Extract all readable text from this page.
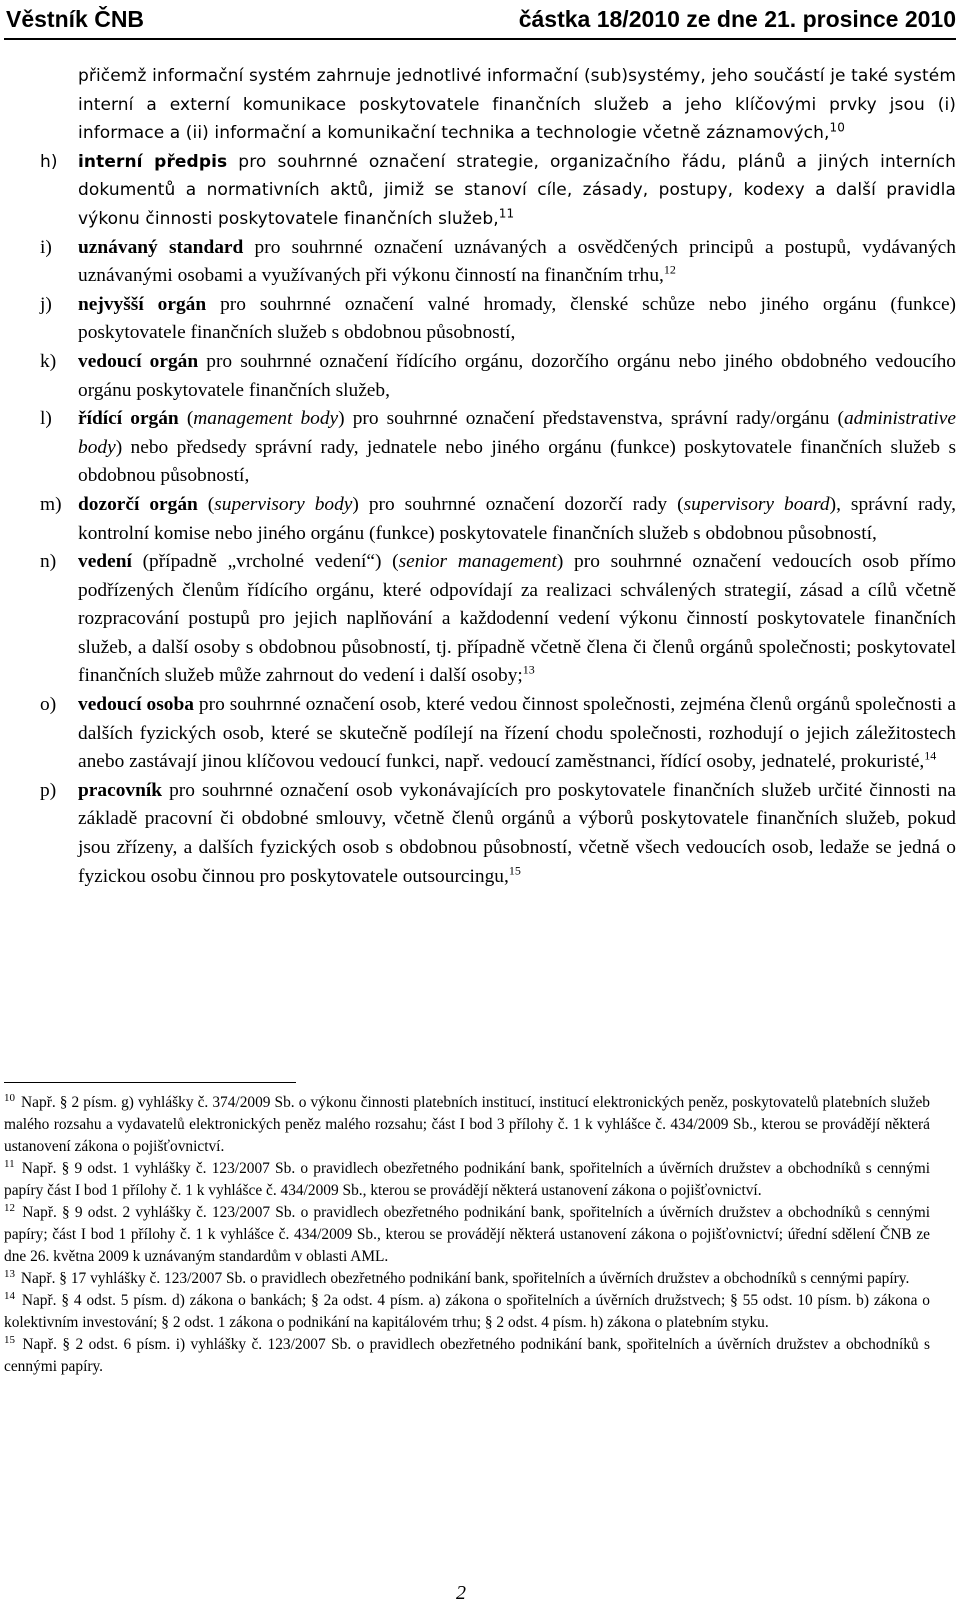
Věstník ČNB	částka 18/2010 ze dne 21. prosince 2010

přičemž informační systém zahrnuje jednotlivé informační (sub)systémy, jeho součástí je také systém interní a externí komunikace poskytovatele finančních služeb a jeho klíčovými prvky jsou (i) informace a (ii) informační a komunikační technika a technologie včetně záznamových,$^{10}$

h)	interní předpis pro souhrnné označení strategie, organizačního řádu, plánů a jiných interních dokumentů a normativních aktů, jimiž se stanoví cíle, zásady, postupy, kodexy a další pravidla výkonu činnosti poskytovatele finančních služeb,$^{11}$

i)	uznávaný standard pro souhrnné označení uznávaných a osvědčených principů a postupů, vydávaných uznávanými osobami a využívaných při výkonu činností na finančním trhu,$^{12}$

j)	nejvyšší orgán pro souhrnné označení valné hromady, členské schůze nebo jiného orgánu (funkce) poskytovatele finančních služeb s obdobnou působností,

k)	vedoucí orgán pro souhrnné označení řídícího orgánu, dozorčího orgánu nebo jiného obdobného vedoucího orgánu poskytovatele finančních služeb,

l)	řídící orgán (management body) pro souhrnné označení představenstva, správní rady/orgánu (administrative body) nebo předsedy správní rady, jednatele nebo jiného orgánu (funkce) poskytovatele finančních služeb s obdobnou působností,

m) dozorčí orgán (supervisory body) pro souhrnné označení dozorčí rady (supervisory board), správní rady, kontrolní komise nebo jiného orgánu (funkce) poskytovatele finančních služeb s obdobnou působností,

n)	vedení (případně „vrcholné vedení“) (senior management) pro souhrnné označení vedoucích osob přímo podřízených členům řídícího orgánu, které odpovídají za realizaci schválených strategií, zásad a cílů včetně rozpracování postupů pro jejich naplňování a každodenní vedení výkonu činností poskytovatele finančních služeb, a další osoby s obdobnou působností, tj. případně včetně člena či členů orgánů společnosti; poskytovatel finančních služeb může zahrnout do vedení i další osoby;$^{13}$

o)	vedoucí osoba pro souhrnné označení osob, které vedou činnost společnosti, zejména členů orgánů společnosti a dalších fyzických osob, které se skutečně podílejí na řízení chodu společnosti, rozhodují o jejich záležitostech anebo zastávají jinou klíčovou vedoucí funkci, např. vedoucí zaměstnanci, řídící osoby, jednatelé, prokuristé,$^{14}$

p)	pracovník pro souhrnné označení osob vykonávajících pro poskytovatele finančních služeb určité činnosti na základě pracovní či obdobné smlouvy, včetně členů orgánů a výborů poskytovatele finančních služeb, pokud jsou zřízeny, a dalších fyzických osob s obdobnou působností, včetně všech vedoucích osob, ledaže se jedná o fyzickou osobu činnou pro poskytovatele outsourcingu,$^{15}$

$^{10}$ Např. § 2 písm. g) vyhlášky č. 374/2009 Sb. o výkonu činnosti platebních institucí, institucí elektronických peněz, poskytovatelů platebních služeb malého rozsahu a vydavatelů elektronických peněz malého rozsahu; část I bod 3 přílohy č. 1 k vyhlášce č. 434/2009 Sb., kterou se provádějí některá ustanovení zákona o pojišťovnictví.

$^{11}$ Např. § 9 odst. 1 vyhlášky č. 123/2007 Sb. o pravidlech obezřetného podnikání bank, spořitelních a úvěrních družstev a obchodníků s cennými papíry část I bod 1 přílohy č. 1 k vyhlášce č. 434/2009 Sb., kterou se provádějí některá ustanovení zákona o pojišťovnictví.

$^{12}$ Např. § 9 odst. 2 vyhlášky č. 123/2007 Sb. o pravidlech obezřetného podnikání bank, spořitelních a úvěrních družstev a obchodníků s cennými papíry; část I bod 1 přílohy č. 1 k vyhlášce č. 434/2009 Sb., kterou se provádějí některá ustanovení zákona o pojišťovnictví; úřední sdělení ČNB ze dne 26. května 2009 k uznávaným standardům v oblasti AML.

$^{13}$ Např. § 17 vyhlášky č. 123/2007 Sb. o pravidlech obezřetného podnikání bank, spořitelních a úvěrních družstev a obchodníků s cennými papíry.

$^{14}$ Např. § 4 odst. 5 písm. d) zákona o bankách; § 2a odst. 4 písm. a) zákona o spořitelních a úvěrních družstvech; § 55 odst. 10 písm. b) zákona o kolektivním investování; § 2 odst. 1 zákona o podnikání na kapitálovém trhu; § 2 odst. 4 písm. h) zákona o platebním styku.

$^{15}$ Např. § 2 odst. 6 písm. i) vyhlášky č. 123/2007 Sb. o pravidlech obezřetného podnikání bank, spořitelních a úvěrních družstev a obchodníků s cennými papíry.

2
